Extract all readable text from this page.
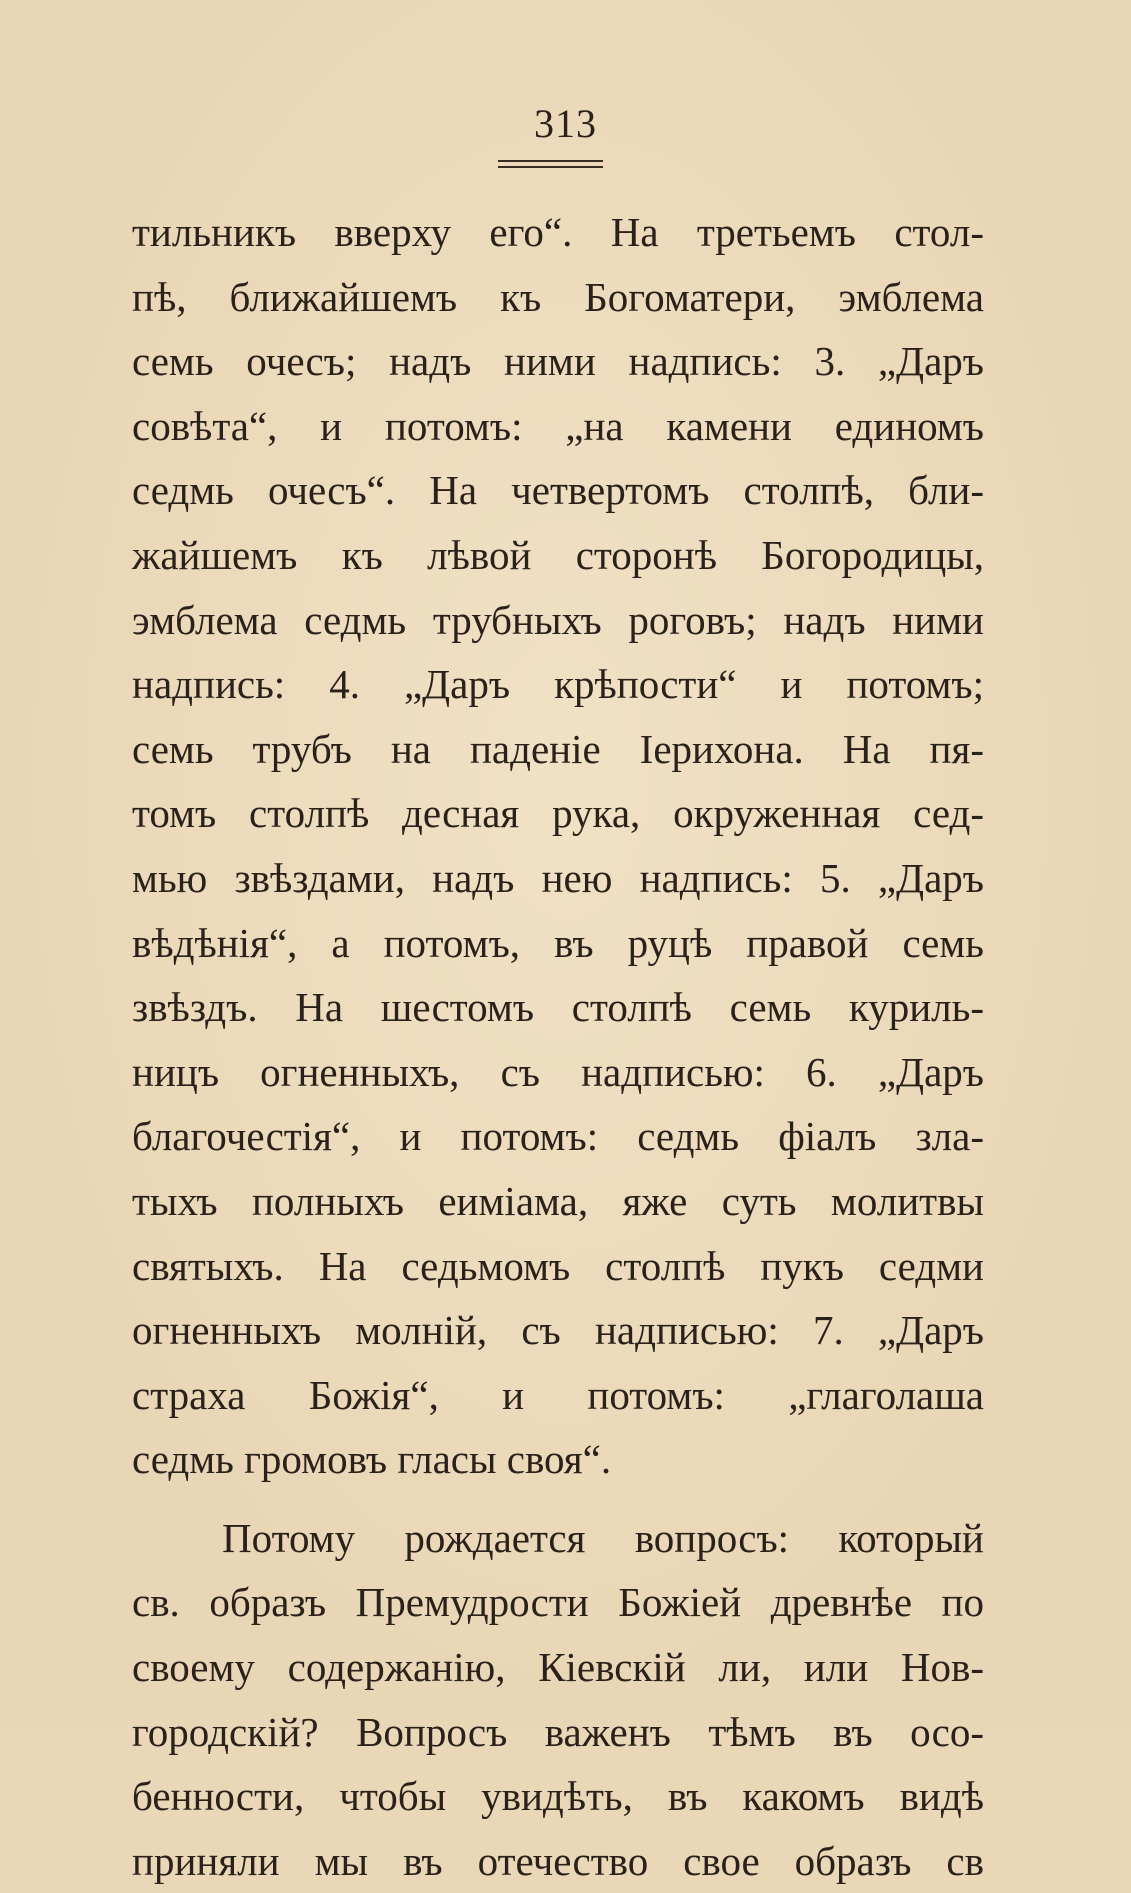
313
тильникъ вверху его“. На третьемъ стол-
пѣ, ближайшемъ къ Богоматери, эмблема
семь очесъ; надъ ними надпись: 3. „Даръ
совѣта“, и потомъ: „на камени единомъ
седмь очесъ“. На четвертомъ столпѣ, бли-
жайшемъ къ лѣвой сторонѣ Богородицы,
эмблема седмь трубныхъ роговъ; надъ ними
надпись: 4. „Даръ крѣпости“ и потомъ;
семь трубъ на паденіе Іерихона. На пя-
томъ столпѣ десная рука, окруженная сед-
мью звѣздами, надъ нею надпись: 5. „Даръ
вѣдѣнія“, а потомъ, въ руцѣ правой семь
звѣздъ. На шестомъ столпѣ семь куриль-
ницъ огненныхъ, съ надписью: 6. „Даръ
благочестія“, и потомъ: седмь фіалъ зла-
тыхъ полныхъ еиміама, яже суть молитвы
святыхъ. На седьмомъ столпѣ пукъ седми
огненныхъ молній, съ надписью: 7. „Даръ
страха Божія“, и потомъ: „глаголаша
седмь громовъ гласы своя“.
Потому рождается вопросъ: который
св. образъ Премудрости Божіей древнѣе по
своему содержанію, Кіевскій ли, или Нов-
городскій? Вопросъ важенъ тѣмъ въ осо-
бенности, чтобы увидѣть, въ какомъ видѣ
приняли мы въ отечество свое образъ св
